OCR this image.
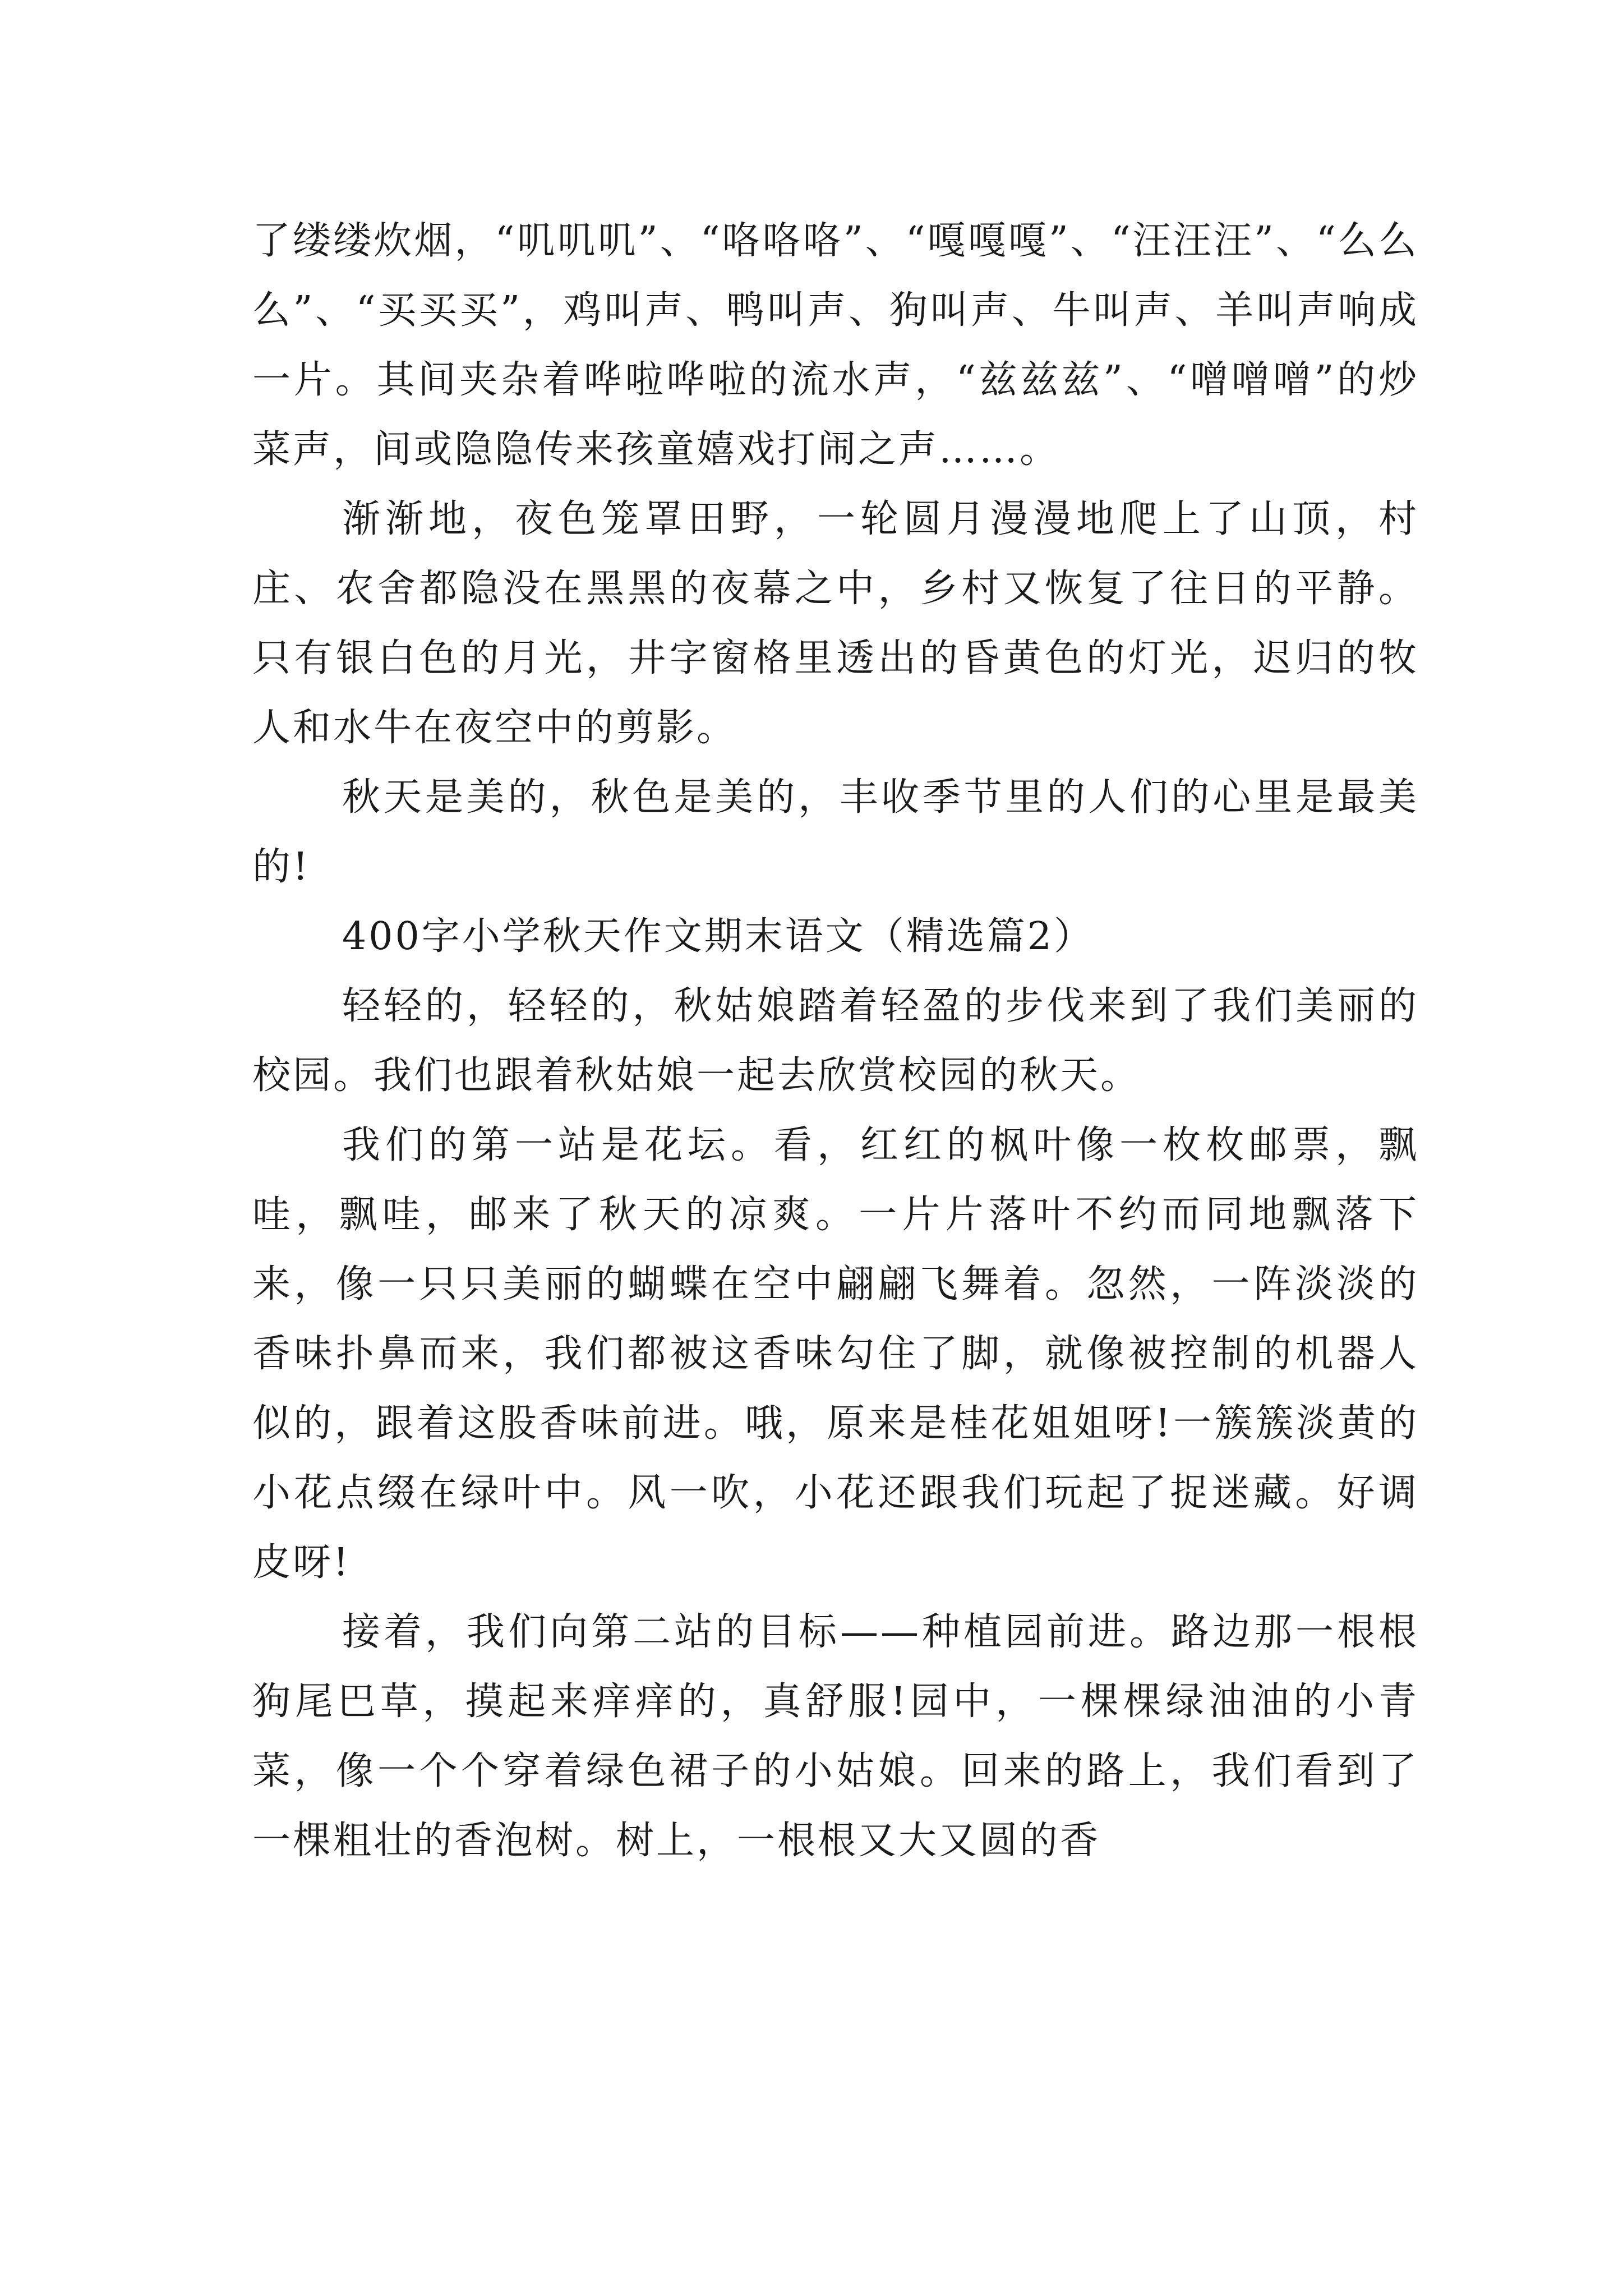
了缕缕炊烟，“叽叽叽”、“咯咯咯”、“嘎嘎嘎”、“汪汪汪”、“么么么”、“买买买”，鸡叫声、鸭叫声、狗叫声、牛叫声、羊叫声响成一片。其间夹杂着哗啦哗啦的流水声，“兹兹兹”、“噌噌噌”的炒菜声，间或隐隐传来孩童嬉戏打闹之声……。

渐渐地，夜色笼罩田野，一轮圆月漫漫地爬上了山顶，村庄、农舍都隐没在黑黑的夜幕之中，乡村又恢复了往日的平静。只有银白色的月光，井字窗格里透出的昏黄色的灯光，迟归的牧人和水牛在夜空中的剪影。

秋天是美的，秋色是美的，丰收季节里的人们的心里是最美的!

400字小学秋天作文期末语文（精选篇2）

轻轻的，轻轻的，秋姑娘踏着轻盈的步伐来到了我们美丽的校园。我们也跟着秋姑娘一起去欣赏校园的秋天。

我们的第一站是花坛。看，红红的枫叶像一枚枚邮票，飘哇，飘哇，邮来了秋天的凉爽。一片片落叶不约而同地飘落下来，像一只只美丽的蝴蝶在空中翩翩飞舞着。忽然，一阵淡淡的香味扑鼻而来，我们都被这香味勾住了脚，就像被控制的机器人似的，跟着这股香味前进。哦，原来是桂花姐姐呀!一簇簇淡黄的小花点缀在绿叶中。风一吹，小花还跟我们玩起了捉迷藏。好调皮呀!

接着，我们向第二站的目标——种植园前进。路边那一根根狗尾巴草，摸起来痒痒的，真舒服!园中，一棵棵绿油油的小青菜，像一个个穿着绿色裙子的小姑娘。回来的路上，我们看到了一棵粗壮的香泡树。树上，一根根又大又圆的香
